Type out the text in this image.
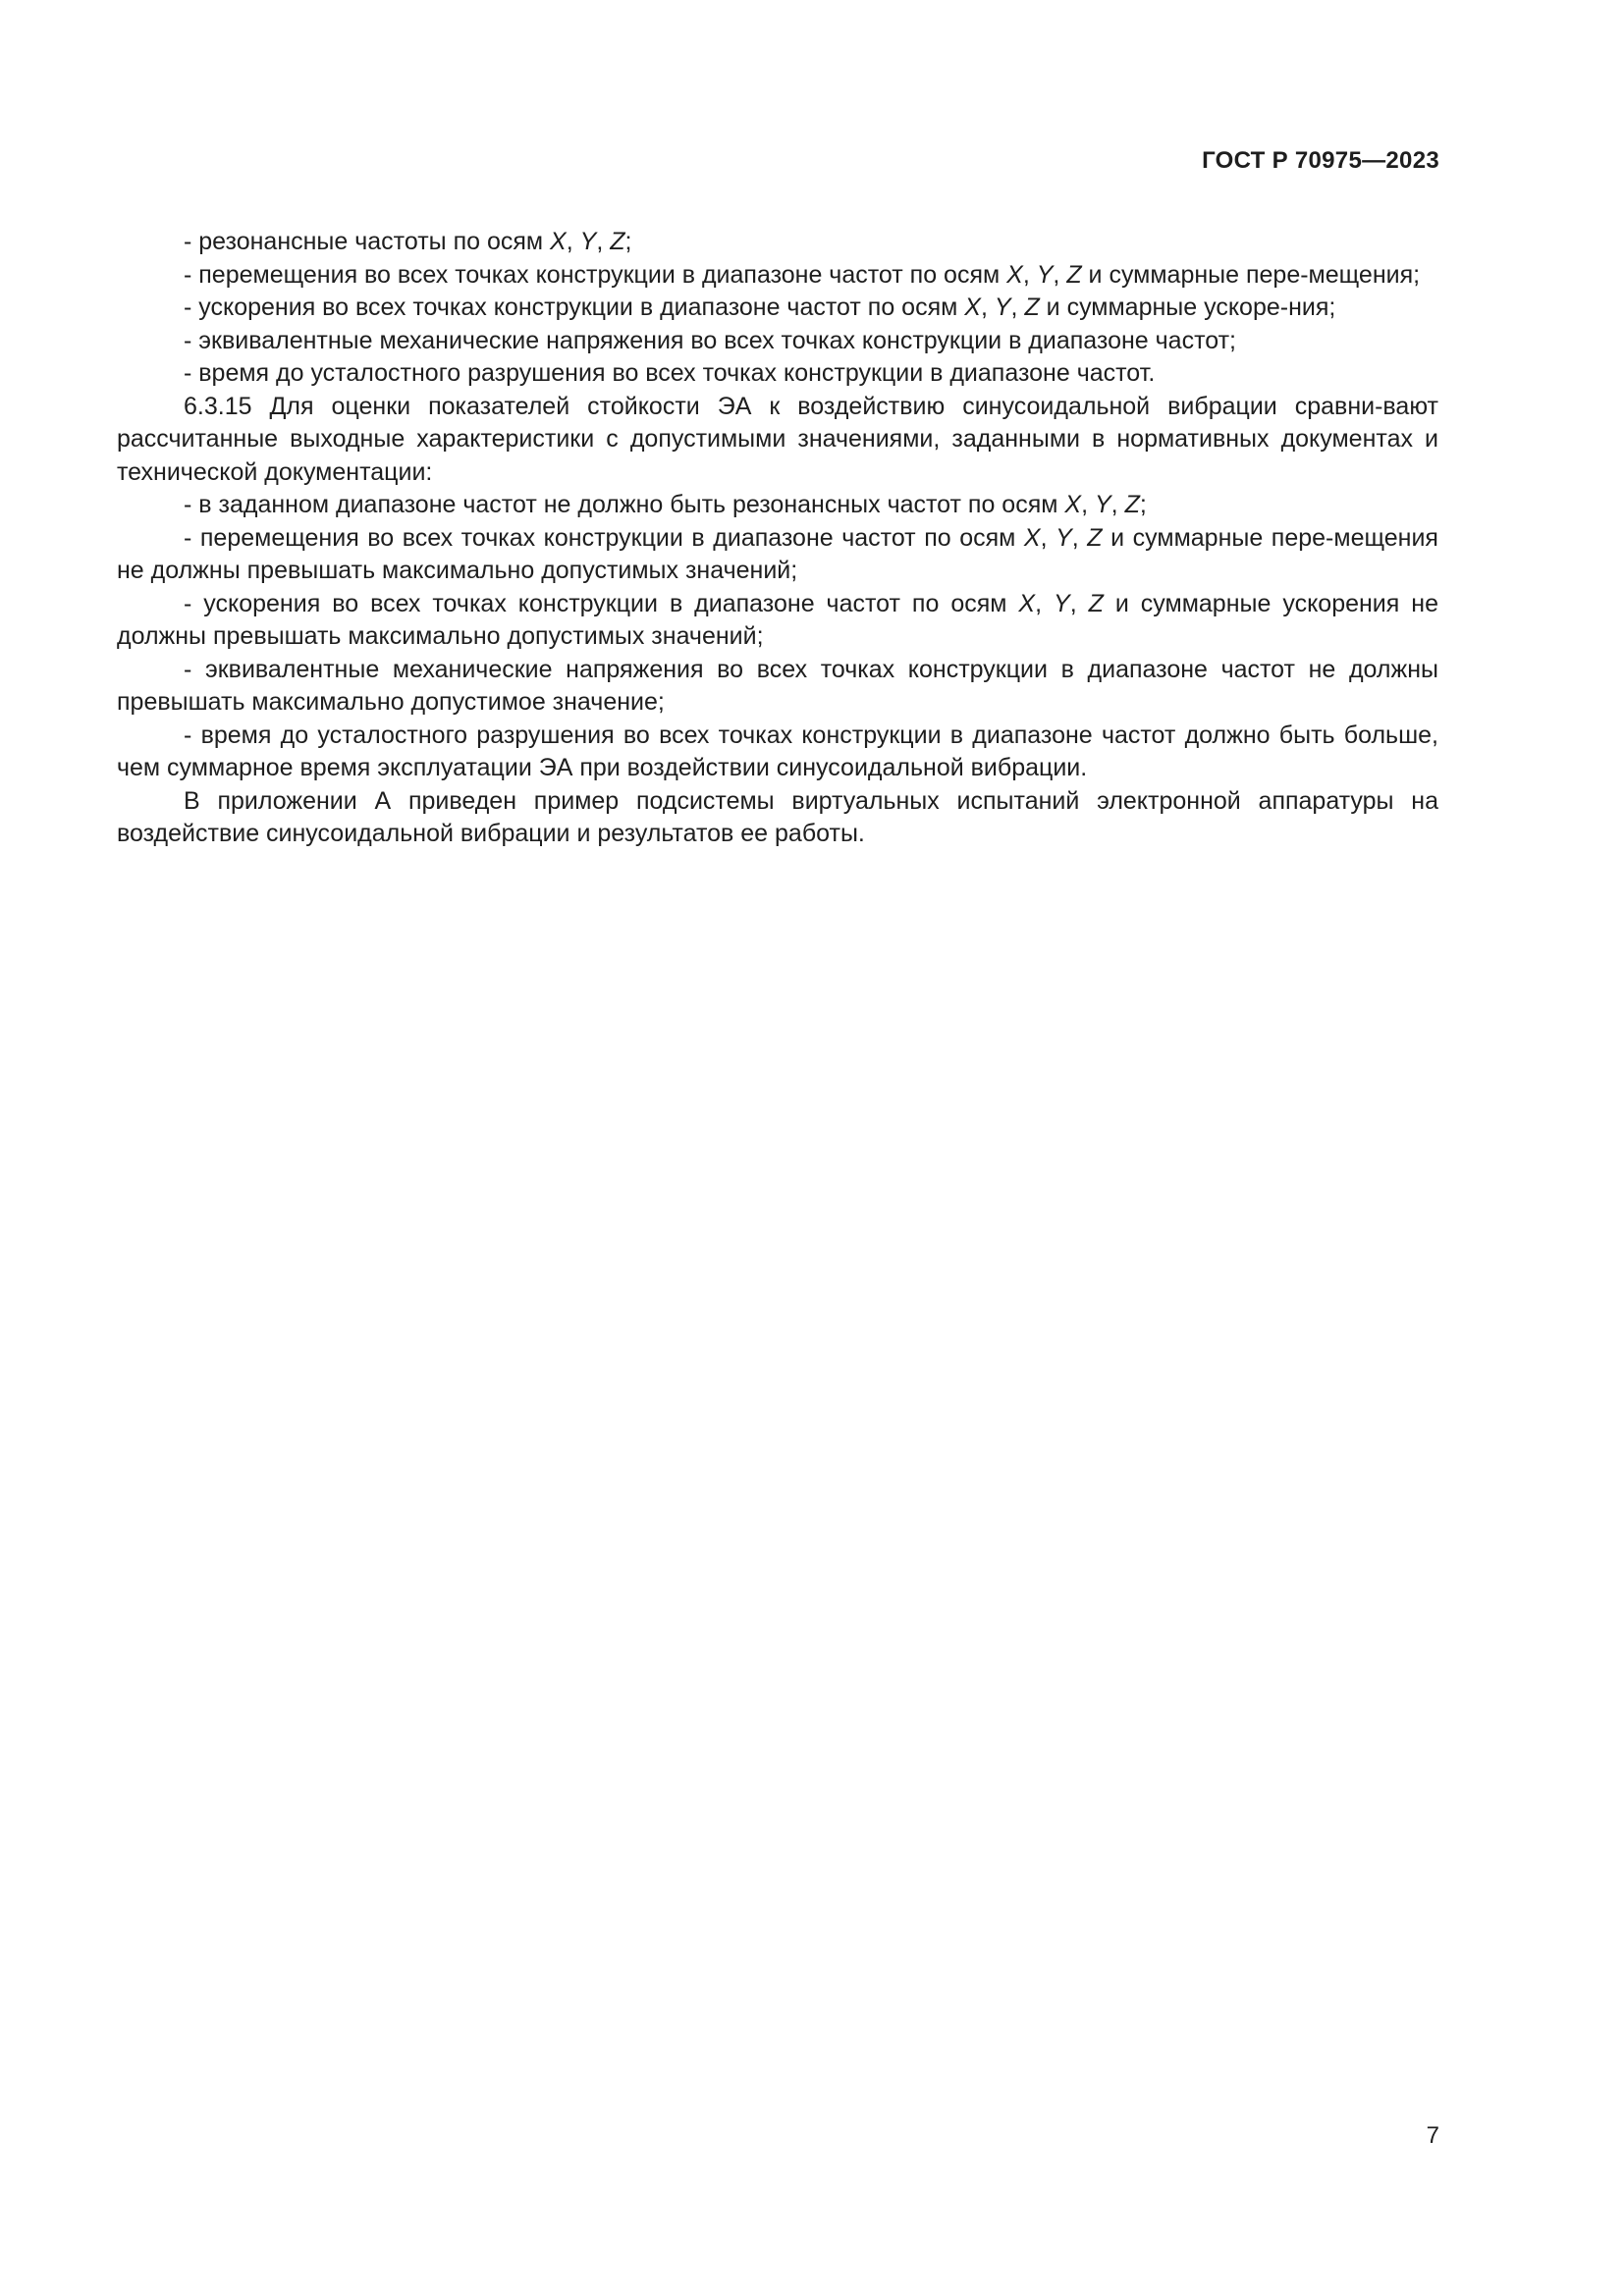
ГОСТ Р 70975—2023

- резонансные частоты по осям X, Y, Z;

- перемещения во всех точках конструкции в диапазоне частот по осям X, Y, Z и суммарные пере-мещения;

- ускорения во всех точках конструкции в диапазоне частот по осям X, Y, Z и суммарные ускоре-ния;

- эквивалентные механические напряжения во всех точках конструкции в диапазоне частот;

- время до усталостного разрушения во всех точках конструкции в диапазоне частот.

6.3.15 Для оценки показателей стойкости ЭА к воздействию синусоидальной вибрации сравни-вают рассчитанные выходные характеристики с допустимыми значениями, заданными в нормативных документах и технической документации:

- в заданном диапазоне частот не должно быть резонансных частот по осям X, Y, Z;

- перемещения во всех точках конструкции в диапазоне частот по осям X, Y, Z и суммарные пере-мещения не должны превышать максимально допустимых значений;

- ускорения во всех точках конструкции в диапазоне частот по осям X, Y, Z и суммарные ускорения не должны превышать максимально допустимых значений;

- эквивалентные механические напряжения во всех точках конструкции в диапазоне частот не должны превышать максимально допустимое значение;

- время до усталостного разрушения во всех точках конструкции в диапазоне частот должно быть больше, чем суммарное время эксплуатации ЭА при воздействии синусоидальной вибрации.

В приложении А приведен пример подсистемы виртуальных испытаний электронной аппаратуры на воздействие синусоидальной вибрации и результатов ее работы.

7
